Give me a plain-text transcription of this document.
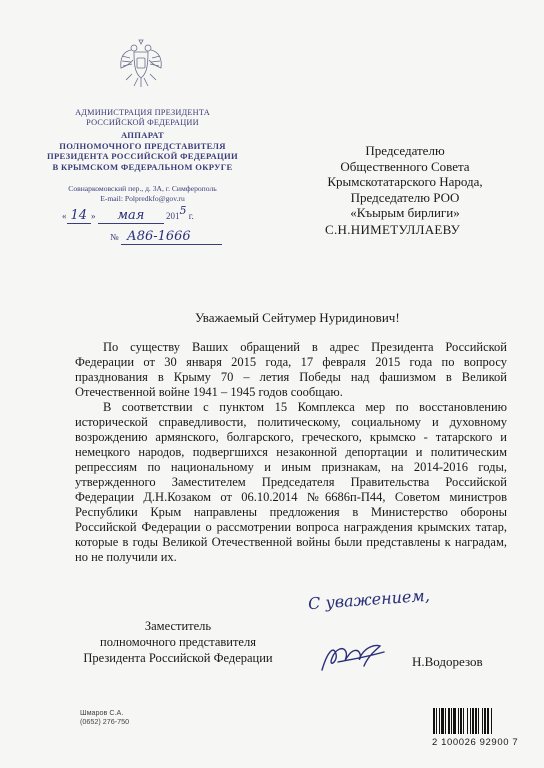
АДМИНИСТРАЦИЯ ПРЕЗИДЕНТА
РОССИЙСКОЙ ФЕДЕРАЦИИ
АППАРАТ
ПОЛНОМОЧНОГО ПРЕДСТАВИТЕЛЯ
ПРЕЗИДЕНТА РОССИЙСКОЙ ФЕДЕРАЦИИ
В КРЫМСКОМ ФЕДЕРАЛЬНОМ ОКРУГЕ
Совнаркомовский пер., д. 3А, г. Симферополь
E-mail: Polpredkfo@gov.ru
« 14 » мая 2015 г.
№ А86-1666
Председателю
Общественного Совета
Крымскотатарского Народа,
Председателю РОО
«Къырым бирлиги»
С.Н.НИМЕТУЛЛАЕВУ
Уважаемый Сейтумер Нуридинович!
По существу Ваших обращений в адрес Президента Российской Федерации от 30 января 2015 года, 17 февраля 2015 года по вопросу празднования в Крыму 70 – летия Победы над фашизмом в Великой Отечественной войне 1941 – 1945 годов сообщаю.
В соответствии с пунктом 15 Комплекса мер по восстановлению исторической справедливости, политическому, социальному и духовному возрождению армянского, болгарского, греческого, крымско - татарского и немецкого народов, подвергшихся незаконной депортации и политическим репрессиям по национальному и иным признакам, на 2014-2016 годы, утвержденного Заместителем Председателя Правительства Российской Федерации Д.Н.Козаком от 06.10.2014 №6686п-П44, Советом министров Республики Крым направлены предложения в Министерство обороны Российской Федерации о рассмотрении вопроса награждения крымских татар, которые в годы Великой Отечественной войны были представлены к наградам, но не получили их.
С уважением,
Заместитель
полномочного представителя
Президента Российской Федерации	Н.Водорезов
Шмаров С.А.
(0652) 276-750
2 100026 92900 7
